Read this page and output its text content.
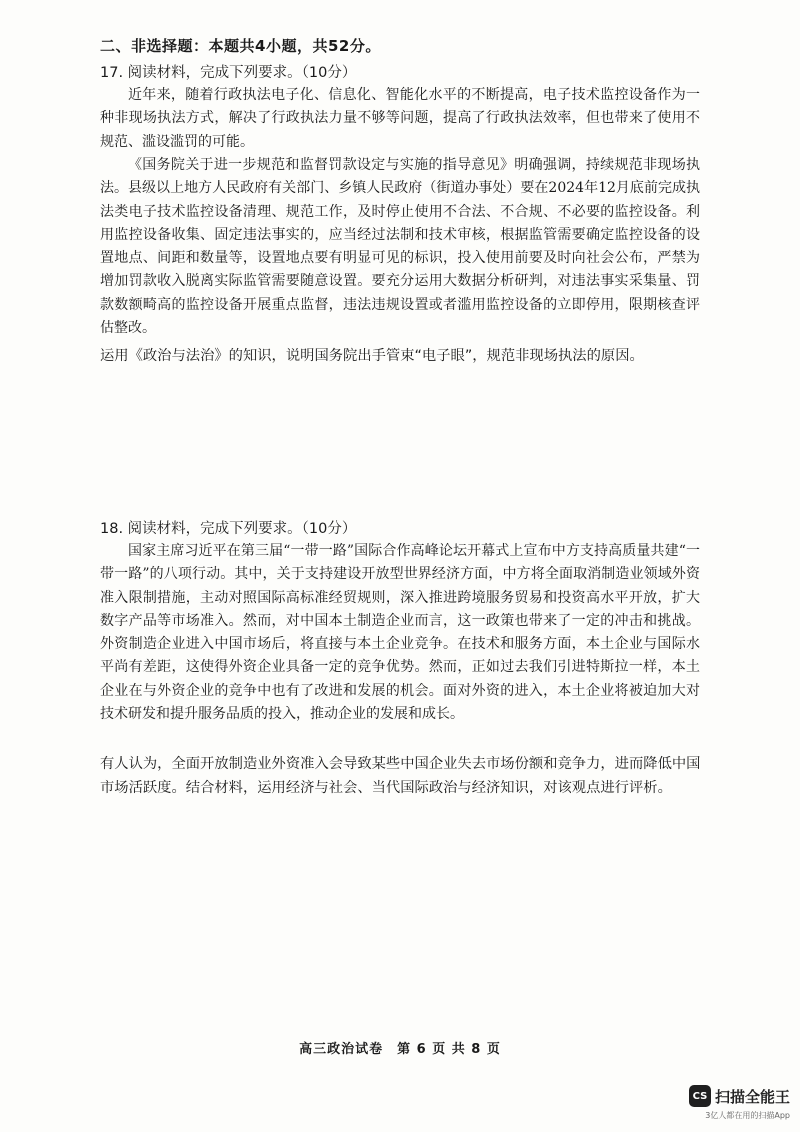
二、非选择题：本题共4小题，共52分。
17. 阅读材料，完成下列要求。（10分）

近年来，随着行政执法电子化、信息化、智能化水平的不断提高，电子技术监控设备作为一种非现场执法方式，解决了行政执法力量不够等问题，提高了行政执法效率，但也带来了使用不规范、滥设滥罚的可能。

《国务院关于进一步规范和监督罚款设定与实施的指导意见》明确强调，持续规范非现场执法。县级以上地方人民政府有关部门、乡镇人民政府（街道办事处）要在2024年12月底前完成执法类电子技术监控设备清理、规范工作，及时停止使用不合法、不合规、不必要的监控设备。利用监控设备收集、固定违法事实的，应当经过法制和技术审核，根据监管需要确定监控设备的设置地点、间距和数量等，设置地点要有明显可见的标识，投入使用前要及时向社会公布，严禁为增加罚款收入脱离实际监管需要随意设置。要充分运用大数据分析研判，对违法事实采集量、罚款数额畸高的监控设备开展重点监督，违法违规设置或者滥用监控设备的立即停用，限期核查评估整改。

运用《政治与法治》的知识，说明国务院出手管束“电子眼”，规范非现场执法的原因。

18. 阅读材料，完成下列要求。（10分）

国家主席习近平在第三届“一带一路”国际合作高峰论坛开幕式上宣布中方支持高质量共建“一带一路”的八项行动。其中，关于支持建设开放型世界经济方面，中方将全面取消制造业领域外资准入限制措施，主动对照国际高标准经贸规则，深入推进跨境服务贸易和投资高水平开放，扩大数字产品等市场准入。然而，对中国本土制造企业而言，这一政策也带来了一定的冲击和挑战。外资制造企业进入中国市场后，将直接与本土企业竞争。在技术和服务方面，本土企业与国际水平尚有差距，这使得外资企业具备一定的竞争优势。然而，正如过去我们引进特斯拉一样，本土企业在与外资企业的竞争中也有了改进和发展的机会。面对外资的进入，本土企业将被迫加大对技术研发和提升服务品质的投入，推动企业的发展和成长。

有人认为，全面开放制造业外资准入会导致某些中国企业失去市场份额和竞争力，进而降低中国市场活跃度。结合材料，运用经济与社会、当代国际政治与经济知识，对该观点进行评析。

高三政治试卷　第 6 页 共 8 页
CS 扫描全能王
3亿人都在用的扫描App
